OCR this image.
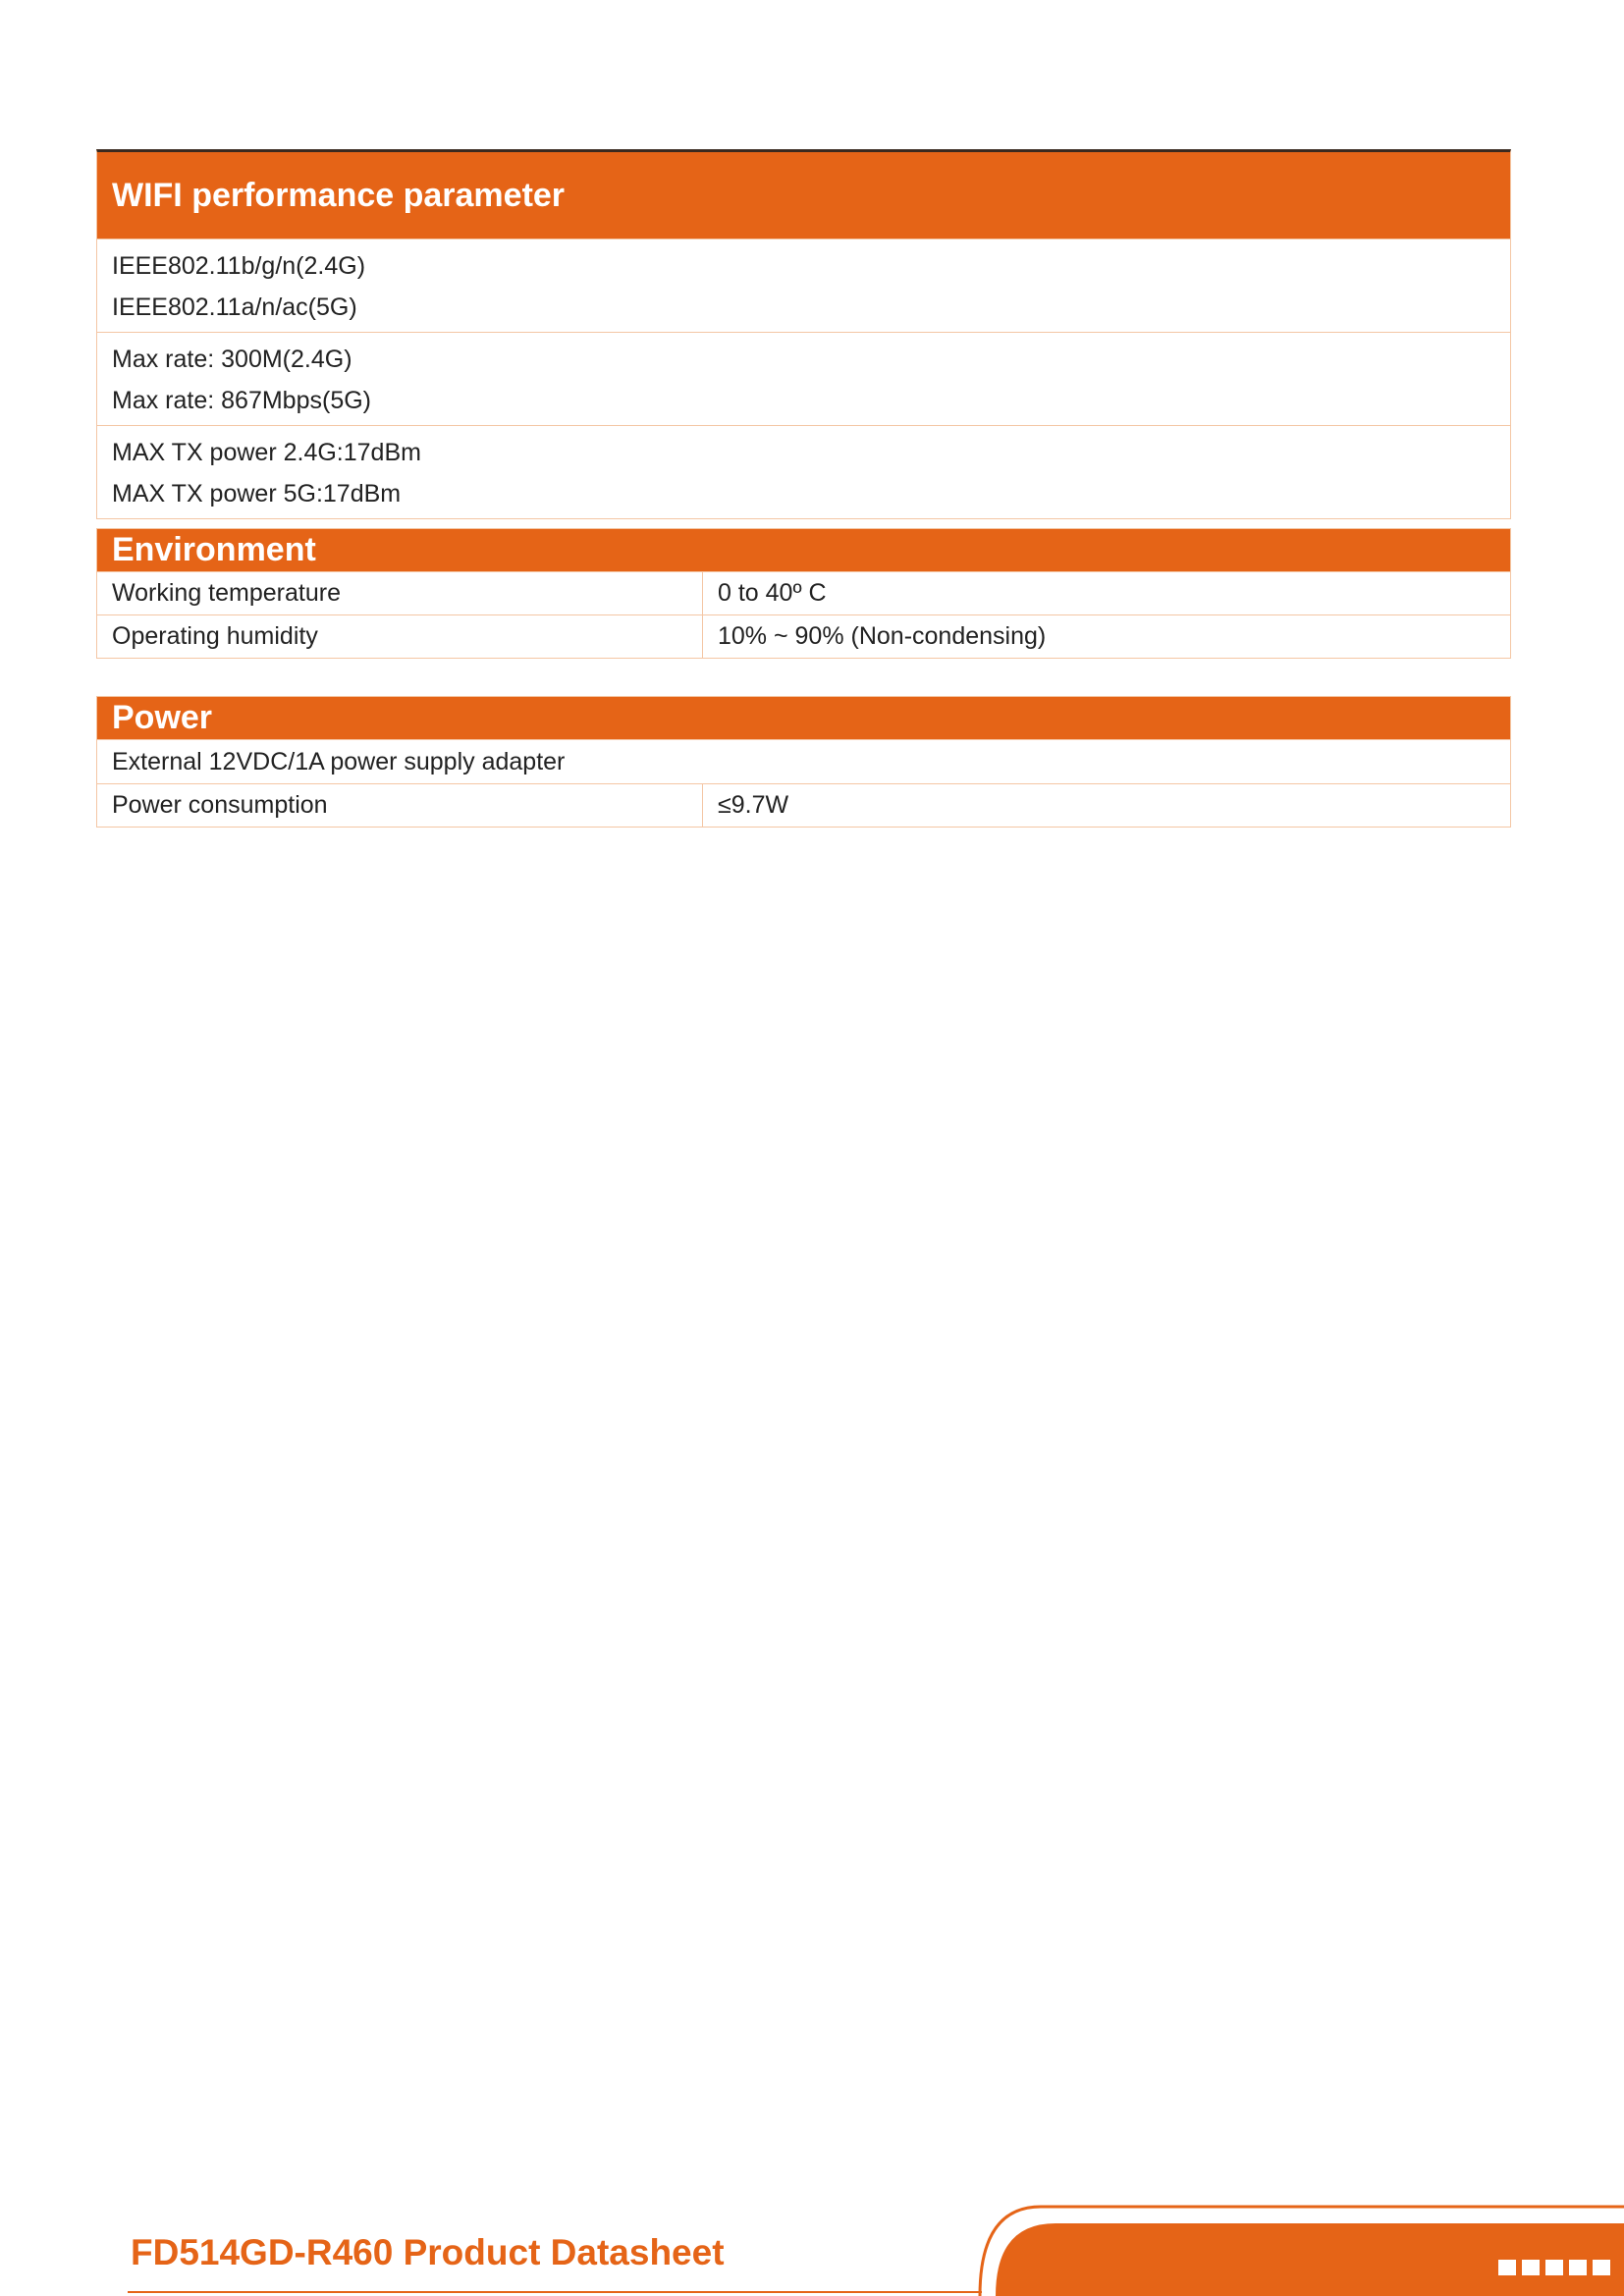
WIFI performance parameter
IEEE802.11b/g/n(2.4G)
IEEE802.11a/n/ac(5G)
Max rate: 300M(2.4G)
Max rate: 867Mbps(5G)
MAX TX power 2.4G:17dBm
MAX TX power 5G:17dBm
Environment
Working temperature	0 to 40º C
Operating humidity	10% ~ 90% (Non-condensing)
Power
External 12VDC/1A power supply adapter
Power consumption	≤9.7W
FD514GD-R460 Product Datasheet
